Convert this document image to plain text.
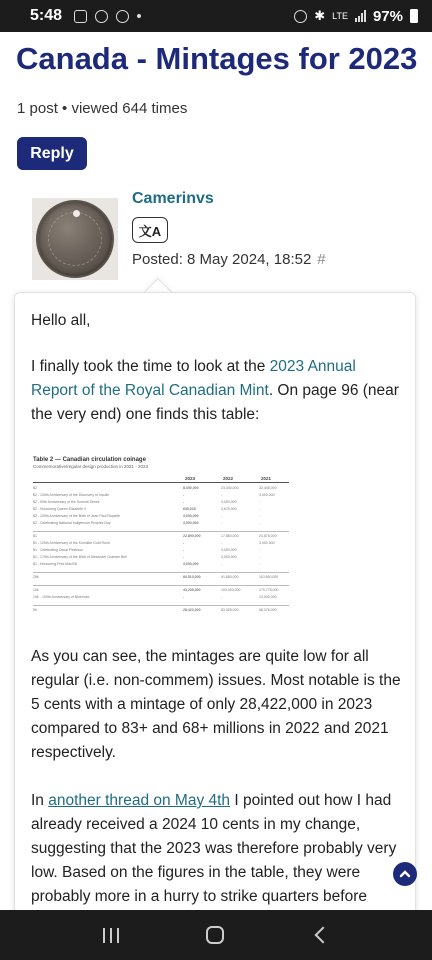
5:48	✱ LTE 97%
Canada - Mintages for 2023
1 post • viewed 644 times
Reply
Camerinvs
文A
Posted: 8 May 2024, 18:52 #

Hello all,

I finally took the time to look at the 2023 Annual Report of the Royal Canadian Mint. On page 96 (near the very end) one finds this table:

Table 2 — Canadian circulation coinage
Commemorative/regular design production in 2021 - 2023
2023	2022	2021
$2	8,300,000	23,340,000	32,445,000
$2 - 100th Anniversary of the Discovery of Insulin	-	-	3,000,000
$2 - 50th Anniversary of the Summit Series	-	3,000,000	-
$2 - Honouring Queen Elizabeth II	630,025	3,675,000	-
$2 - 100th Anniversary of the Birth of Jean Paul Riopelle	3,000,000	-	-
$2 - Celebrating National Indigenous Peoples Day	3,000,000	-	-
$1	22,890,000	17,884,000	24,875,000
$1 - 125th Anniversary of the Klondike Gold Rush	-	-	3,000,000
$1 - Celebrating Oscar Peterson	-	3,000,000	-
$1 - 175th Anniversary of the Birth of Alexander Graham Bell	-	3,000,000	-
$1 - Honouring Fred MacGill	3,000,000	-	-
25¢	80,510,000	91,680,000	110,560,000
10¢	43,205,000	103,400,000	170,775,000
10¢ - 100th Anniversary of Bluenose	-	-	13,000,000
5¢	28,422,000	83,328,000	68,376,000

As you can see, the mintages are quite low for all regular (i.e. non-commem) issues. Most notable is the 5 cents with a mintage of only 28,422,000 in 2023 compared to 83+ and 68+ millions in 2022 and 2021 respectively.

In another thread on May 4th I pointed out how I had already received a 2024 10 cents in my change, suggesting that the 2023 was therefore probably very low. Based on the figures in the table, they were probably more in a hurry to strike quarters before
